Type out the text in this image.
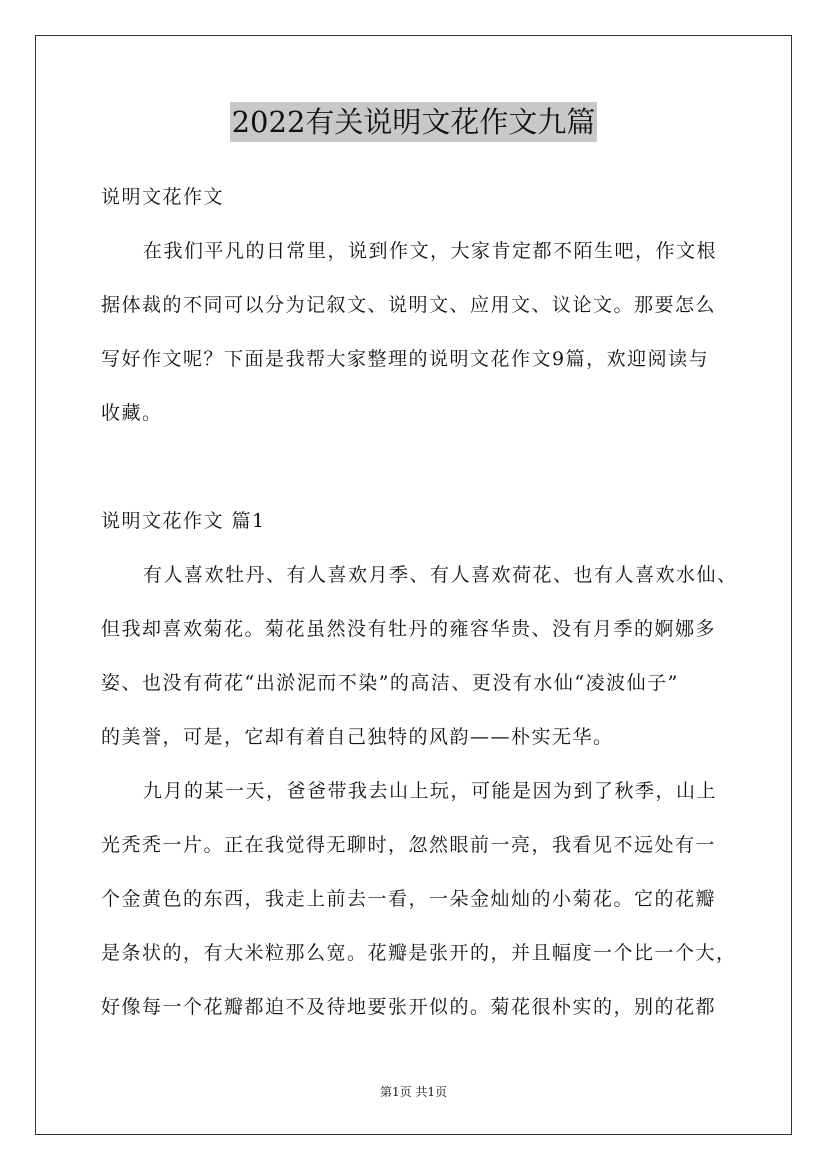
2022有关说明文花作文九篇
说明文花作文
在我们平凡的日常里，说到作文，大家肯定都不陌生吧，作文根
据体裁的不同可以分为记叙文、说明文、应用文、议论文。那要怎么
写好作文呢？下面是我帮大家整理的说明文花作文9篇，欢迎阅读与
收藏。
说明文花作文 篇1
有人喜欢牡丹、有人喜欢月季、有人喜欢荷花、也有人喜欢水仙、
但我却喜欢菊花。菊花虽然没有牡丹的雍容华贵、没有月季的婀娜多
姿、也没有荷花“出淤泥而不染”的高洁、更没有水仙“凌波仙子”
的美誉，可是，它却有着自己独特的风韵——朴实无华。
九月的某一天，爸爸带我去山上玩，可能是因为到了秋季，山上
光秃秃一片。正在我觉得无聊时，忽然眼前一亮，我看见不远处有一
个金黄色的东西，我走上前去一看，一朵金灿灿的小菊花。它的花瓣
是条状的，有大米粒那么宽。花瓣是张开的，并且幅度一个比一个大，
好像每一个花瓣都迫不及待地要张开似的。菊花很朴实的，别的花都
第1页 共1页
